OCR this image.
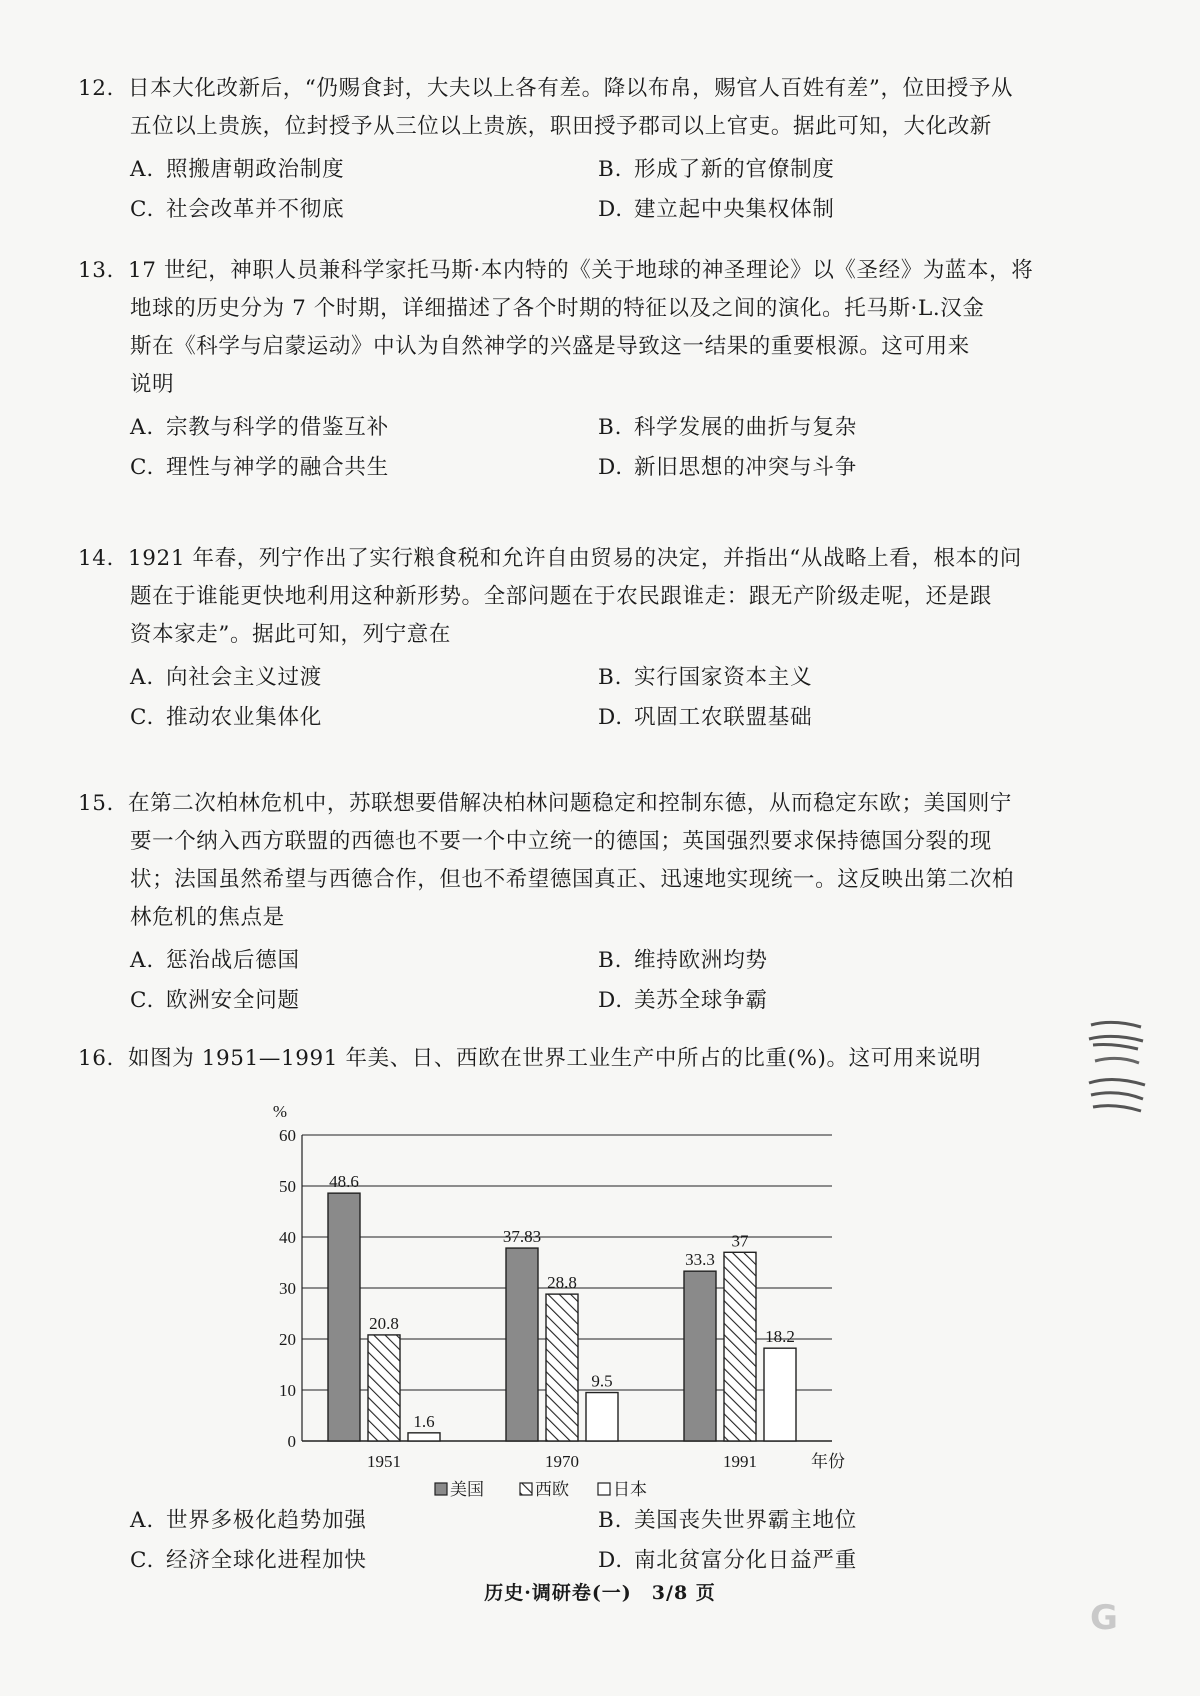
12. 日本大化改新后，“仍赐食封，大夫以上各有差。降以布帛，赐官人百姓有差”，位田授予从
五位以上贵族，位封授予从三位以上贵族，职田授予郡司以上官吏。据此可知，大化改新
A. 照搬唐朝政治制度	B. 形成了新的官僚制度
C. 社会改革并不彻底	D. 建立起中央集权体制
13. 17 世纪，神职人员兼科学家托马斯·本内特的《关于地球的神圣理论》以《圣经》为蓝本，将
地球的历史分为 7 个时期，详细描述了各个时期的特征以及之间的演化。托马斯·L.汉金
斯在《科学与启蒙运动》中认为自然神学的兴盛是导致这一结果的重要根源。这可用来
说明
A. 宗教与科学的借鉴互补	B. 科学发展的曲折与复杂
C. 理性与神学的融合共生	D. 新旧思想的冲突与斗争
14. 1921 年春，列宁作出了实行粮食税和允许自由贸易的决定，并指出“从战略上看，根本的问
题在于谁能更快地利用这种新形势。全部问题在于农民跟谁走：跟无产阶级走呢，还是跟
资本家走”。据此可知，列宁意在
A. 向社会主义过渡	B. 实行国家资本主义
C. 推动农业集体化	D. 巩固工农联盟基础
15. 在第二次柏林危机中，苏联想要借解决柏林问题稳定和控制东德，从而稳定东欧；美国则宁
要一个纳入西方联盟的西德也不要一个中立统一的德国；英国强烈要求保持德国分裂的现
状；法国虽然希望与西德合作，但也不希望德国真正、迅速地实现统一。这反映出第二次柏
林危机的焦点是
A. 惩治战后德国	B. 维持欧洲均势
C. 欧洲安全问题	D. 美苏全球争霸
16. 如图为 1951—1991 年美、日、西欧在世界工业生产中所占的比重(%)。这可用来说明
48.6
37.83
33.3
20.8
28.8
37
1.6
9.5
18.2
0
10
20
30
40
50
60
%
1951	1970	1991	年份
美国	西欧	日本
历史·调研卷(一)　3/8 页
G
A. 世界多极化趋势加强	B. 美国丧失世界霸主地位
C. 经济全球化进程加快	D. 南北贫富分化日益严重
